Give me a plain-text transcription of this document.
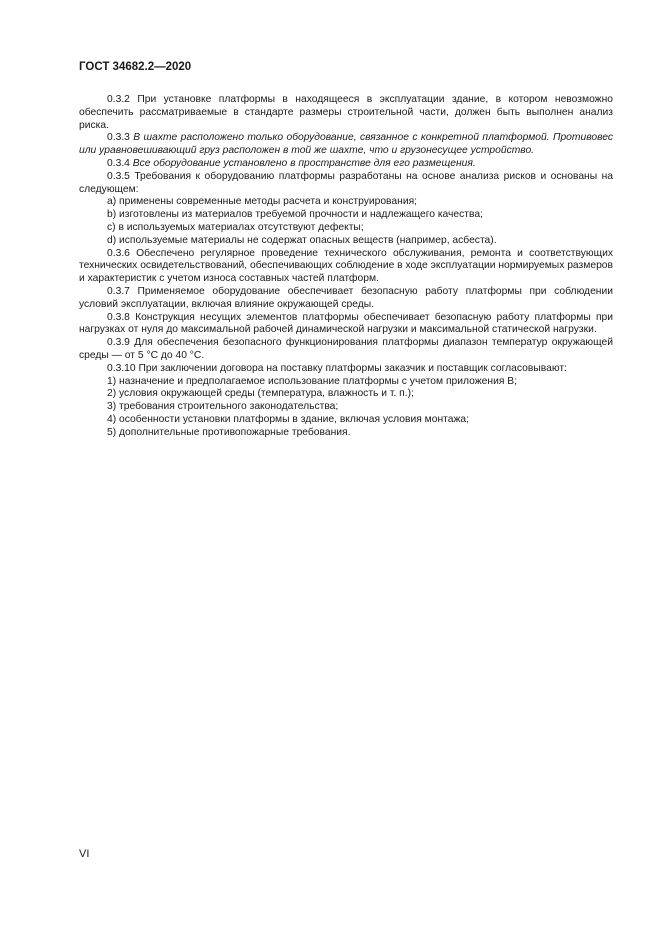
ГОСТ 34682.2—2020

0.3.2 При установке платформы в находящееся в эксплуатации здание, в котором невозможно обеспечить рассматриваемые в стандарте размеры строительной части, должен быть выполнен анализ риска.

0.3.3 В шахте расположено только оборудование, связанное с конкретной платформой. Противовес или уравновешивающий груз расположен в той же шахте, что и грузонесущее устройство.

0.3.4 Все оборудование установлено в пространстве для его размещения.

0.3.5 Требования к оборудованию платформы разработаны на основе анализа рисков и основаны на следующем:

a) применены современные методы расчета и конструирования;

b) изготовлены из материалов требуемой прочности и надлежащего качества;

c) в используемых материалах отсутствуют дефекты;

d) используемые материалы не содержат опасных веществ (например, асбеста).

0.3.6 Обеспечено регулярное проведение технического обслуживания, ремонта и соответствующих технических освидетельствований, обеспечивающих соблюдение в ходе эксплуатации нормируемых размеров и характеристик с учетом износа составных частей платформ.

0.3.7 Применяемое оборудование обеспечивает безопасную работу платформы при соблюдении условий эксплуатации, включая влияние окружающей среды.

0.3.8 Конструкция несущих элементов платформы обеспечивает безопасную работу платформы при нагрузках от нуля до максимальной рабочей динамической нагрузки и максимальной статической нагрузки.

0.3.9 Для обеспечения безопасного функционирования платформы диапазон температур окружающей среды — от 5 °С до 40 °С.

0.3.10 При заключении договора на поставку платформы заказчик и поставщик согласовывают:

1) назначение и предполагаемое использование платформы с учетом приложения В;

2) условия окружающей среды (температура, влажность и т. п.);

3) требования строительного законодательства;

4) особенности установки платформы в здание, включая условия монтажа;

5) дополнительные противопожарные требования.

VI
